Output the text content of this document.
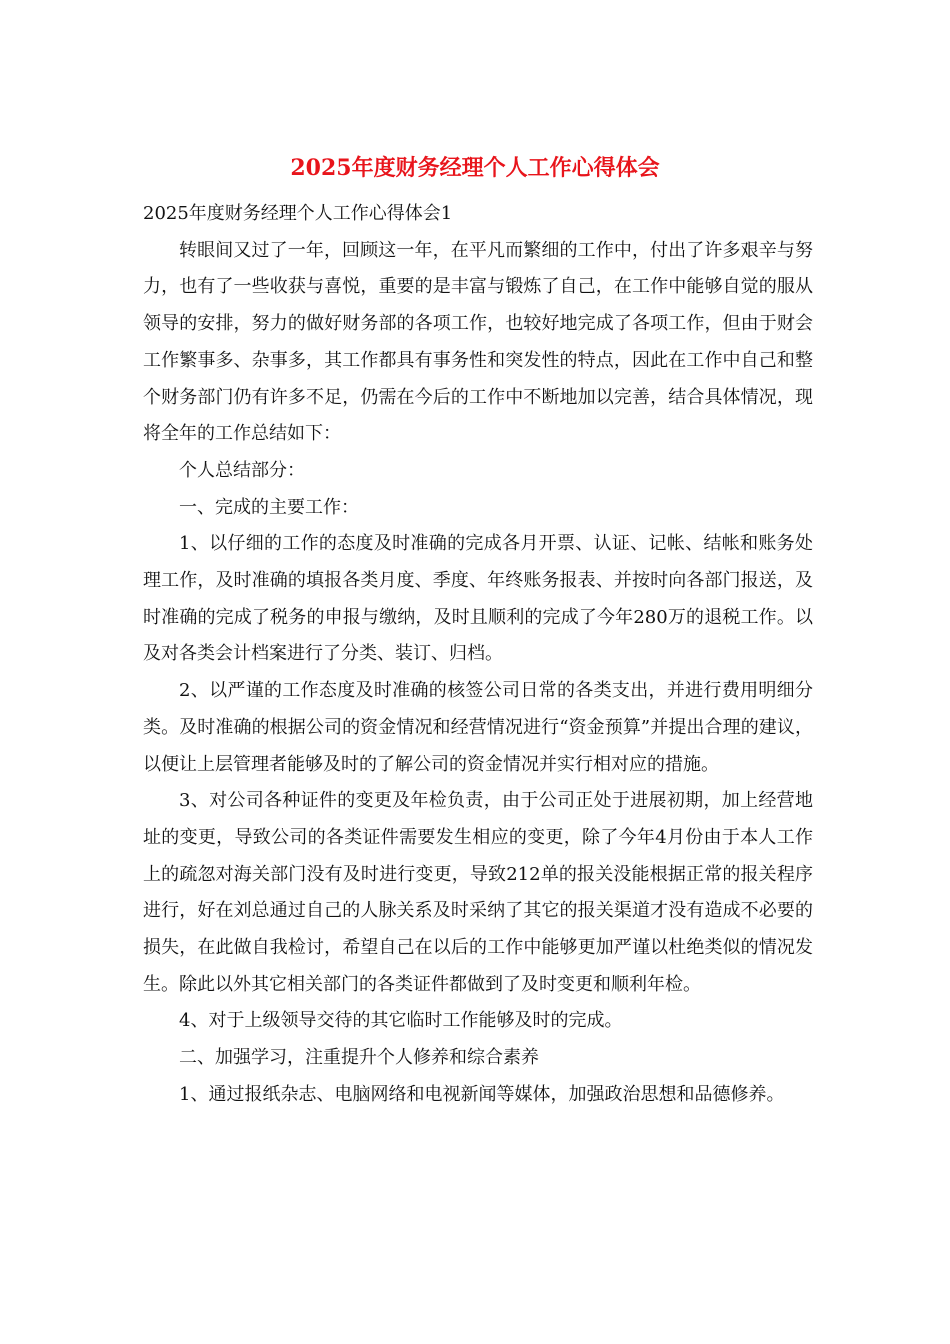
2025年度财务经理个人工作心得体会

2025年度财务经理个人工作心得体会1

转眼间又过了一年，回顾这一年，在平凡而繁细的工作中，付出了许多艰辛与努力，也有了一些收获与喜悦，重要的是丰富与锻炼了自己，在工作中能够自觉的服从领导的安排，努力的做好财务部的各项工作，也较好地完成了各项工作，但由于财会工作繁事多、杂事多，其工作都具有事务性和突发性的特点，因此在工作中自己和整个财务部门仍有许多不足，仍需在今后的工作中不断地加以完善，结合具体情况，现将全年的工作总结如下：

个人总结部分：

一、完成的主要工作：

1、以仔细的工作的态度及时准确的完成各月开票、认证、记帐、结帐和账务处理工作，及时准确的填报各类月度、季度、年终账务报表、并按时向各部门报送，及时准确的完成了税务的申报与缴纳，及时且顺利的完成了今年280万的退税工作。以及对各类会计档案进行了分类、装订、归档。

2、以严谨的工作态度及时准确的核签公司日常的各类支出，并进行费用明细分类。及时准确的根据公司的资金情况和经营情况进行“资金预算”并提出合理的建议，以便让上层管理者能够及时的了解公司的资金情况并实行相对应的措施。

3、对公司各种证件的变更及年检负责，由于公司正处于进展初期，加上经营地址的变更，导致公司的各类证件需要发生相应的变更，除了今年4月份由于本人工作上的疏忽对海关部门没有及时进行变更，导致212单的报关没能根据正常的报关程序进行，好在刘总通过自己的人脉关系及时采纳了其它的报关渠道才没有造成不必要的损失，在此做自我检讨，希望自己在以后的工作中能够更加严谨以杜绝类似的情况发生。除此以外其它相关部门的各类证件都做到了及时变更和顺利年检。

4、对于上级领导交待的其它临时工作能够及时的完成。

二、加强学习，注重提升个人修养和综合素养

1、通过报纸杂志、电脑网络和电视新闻等媒体，加强政治思想和品德修养。
